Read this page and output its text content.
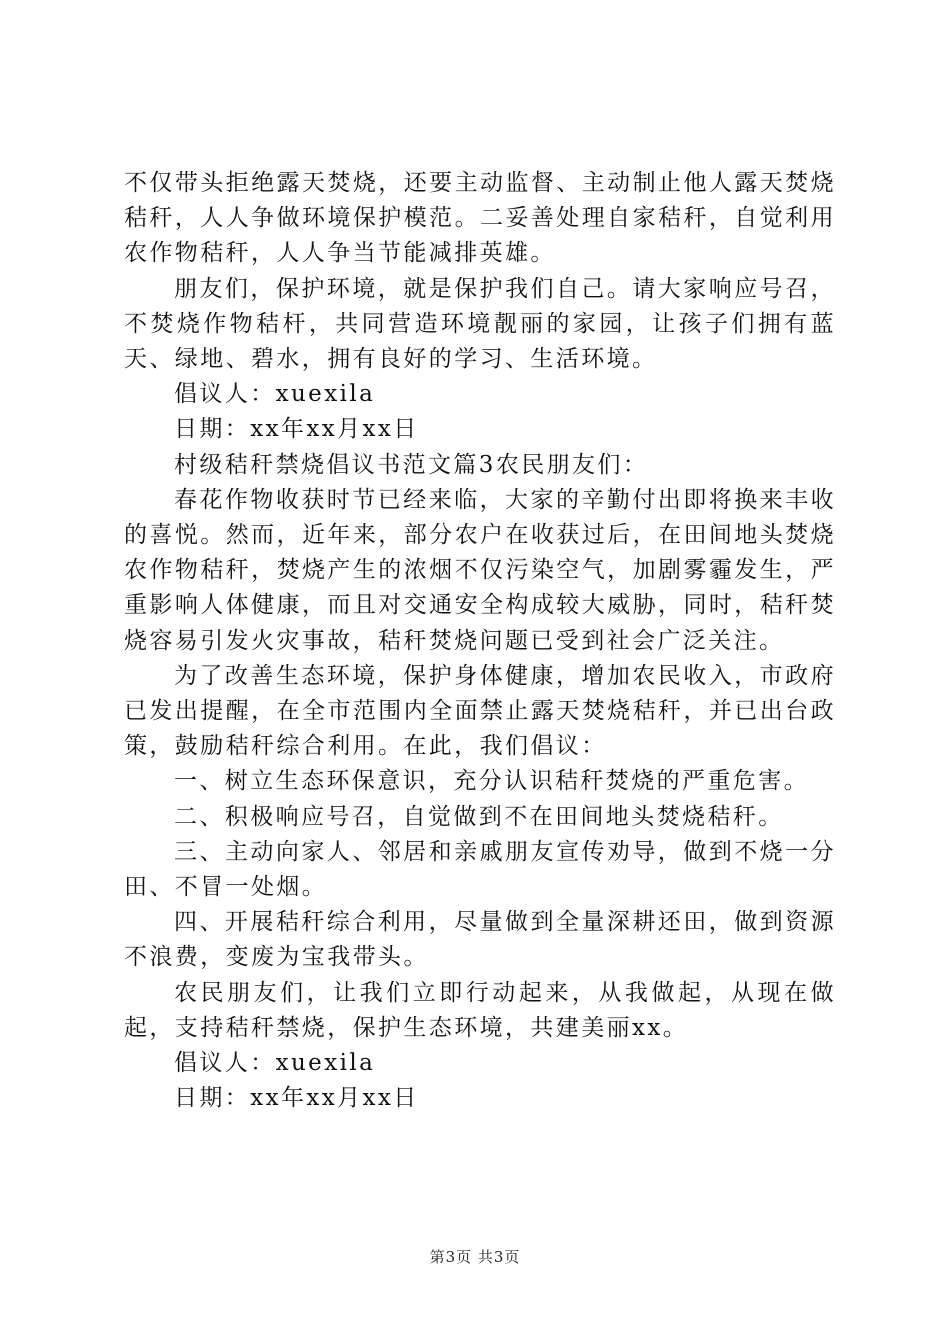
不仅带头拒绝露天焚烧，还要主动监督、主动制止他人露天焚烧秸秆，人人争做环境保护模范。二妥善处理自家秸秆，自觉利用农作物秸秆，人人争当节能减排英雄。

朋友们，保护环境，就是保护我们自己。请大家响应号召，不焚烧作物秸杆，共同营造环境靓丽的家园，让孩子们拥有蓝天、绿地、碧水，拥有良好的学习、生活环境。

倡议人：xuexila

日期：xx年xx月xx日

村级秸秆禁烧倡议书范文篇3农民朋友们：

春花作物收获时节已经来临，大家的辛勤付出即将换来丰收的喜悦。然而，近年来，部分农户在收获过后，在田间地头焚烧农作物秸秆，焚烧产生的浓烟不仅污染空气，加剧雾霾发生，严重影响人体健康，而且对交通安全构成较大威胁，同时，秸秆焚烧容易引发火灾事故，秸秆焚烧问题已受到社会广泛关注。

为了改善生态环境，保护身体健康，增加农民收入，市政府已发出提醒，在全市范围内全面禁止露天焚烧秸秆，并已出台政策，鼓励秸秆综合利用。在此，我们倡议：

一、树立生态环保意识，充分认识秸秆焚烧的严重危害。

二、积极响应号召，自觉做到不在田间地头焚烧秸秆。

三、主动向家人、邻居和亲戚朋友宣传劝导，做到不烧一分田、不冒一处烟。

四、开展秸秆综合利用，尽量做到全量深耕还田，做到资源不浪费，变废为宝我带头。

农民朋友们，让我们立即行动起来，从我做起，从现在做起，支持秸秆禁烧，保护生态环境，共建美丽xx。

倡议人：xuexila

日期：xx年xx月xx日

第3页 共3页
